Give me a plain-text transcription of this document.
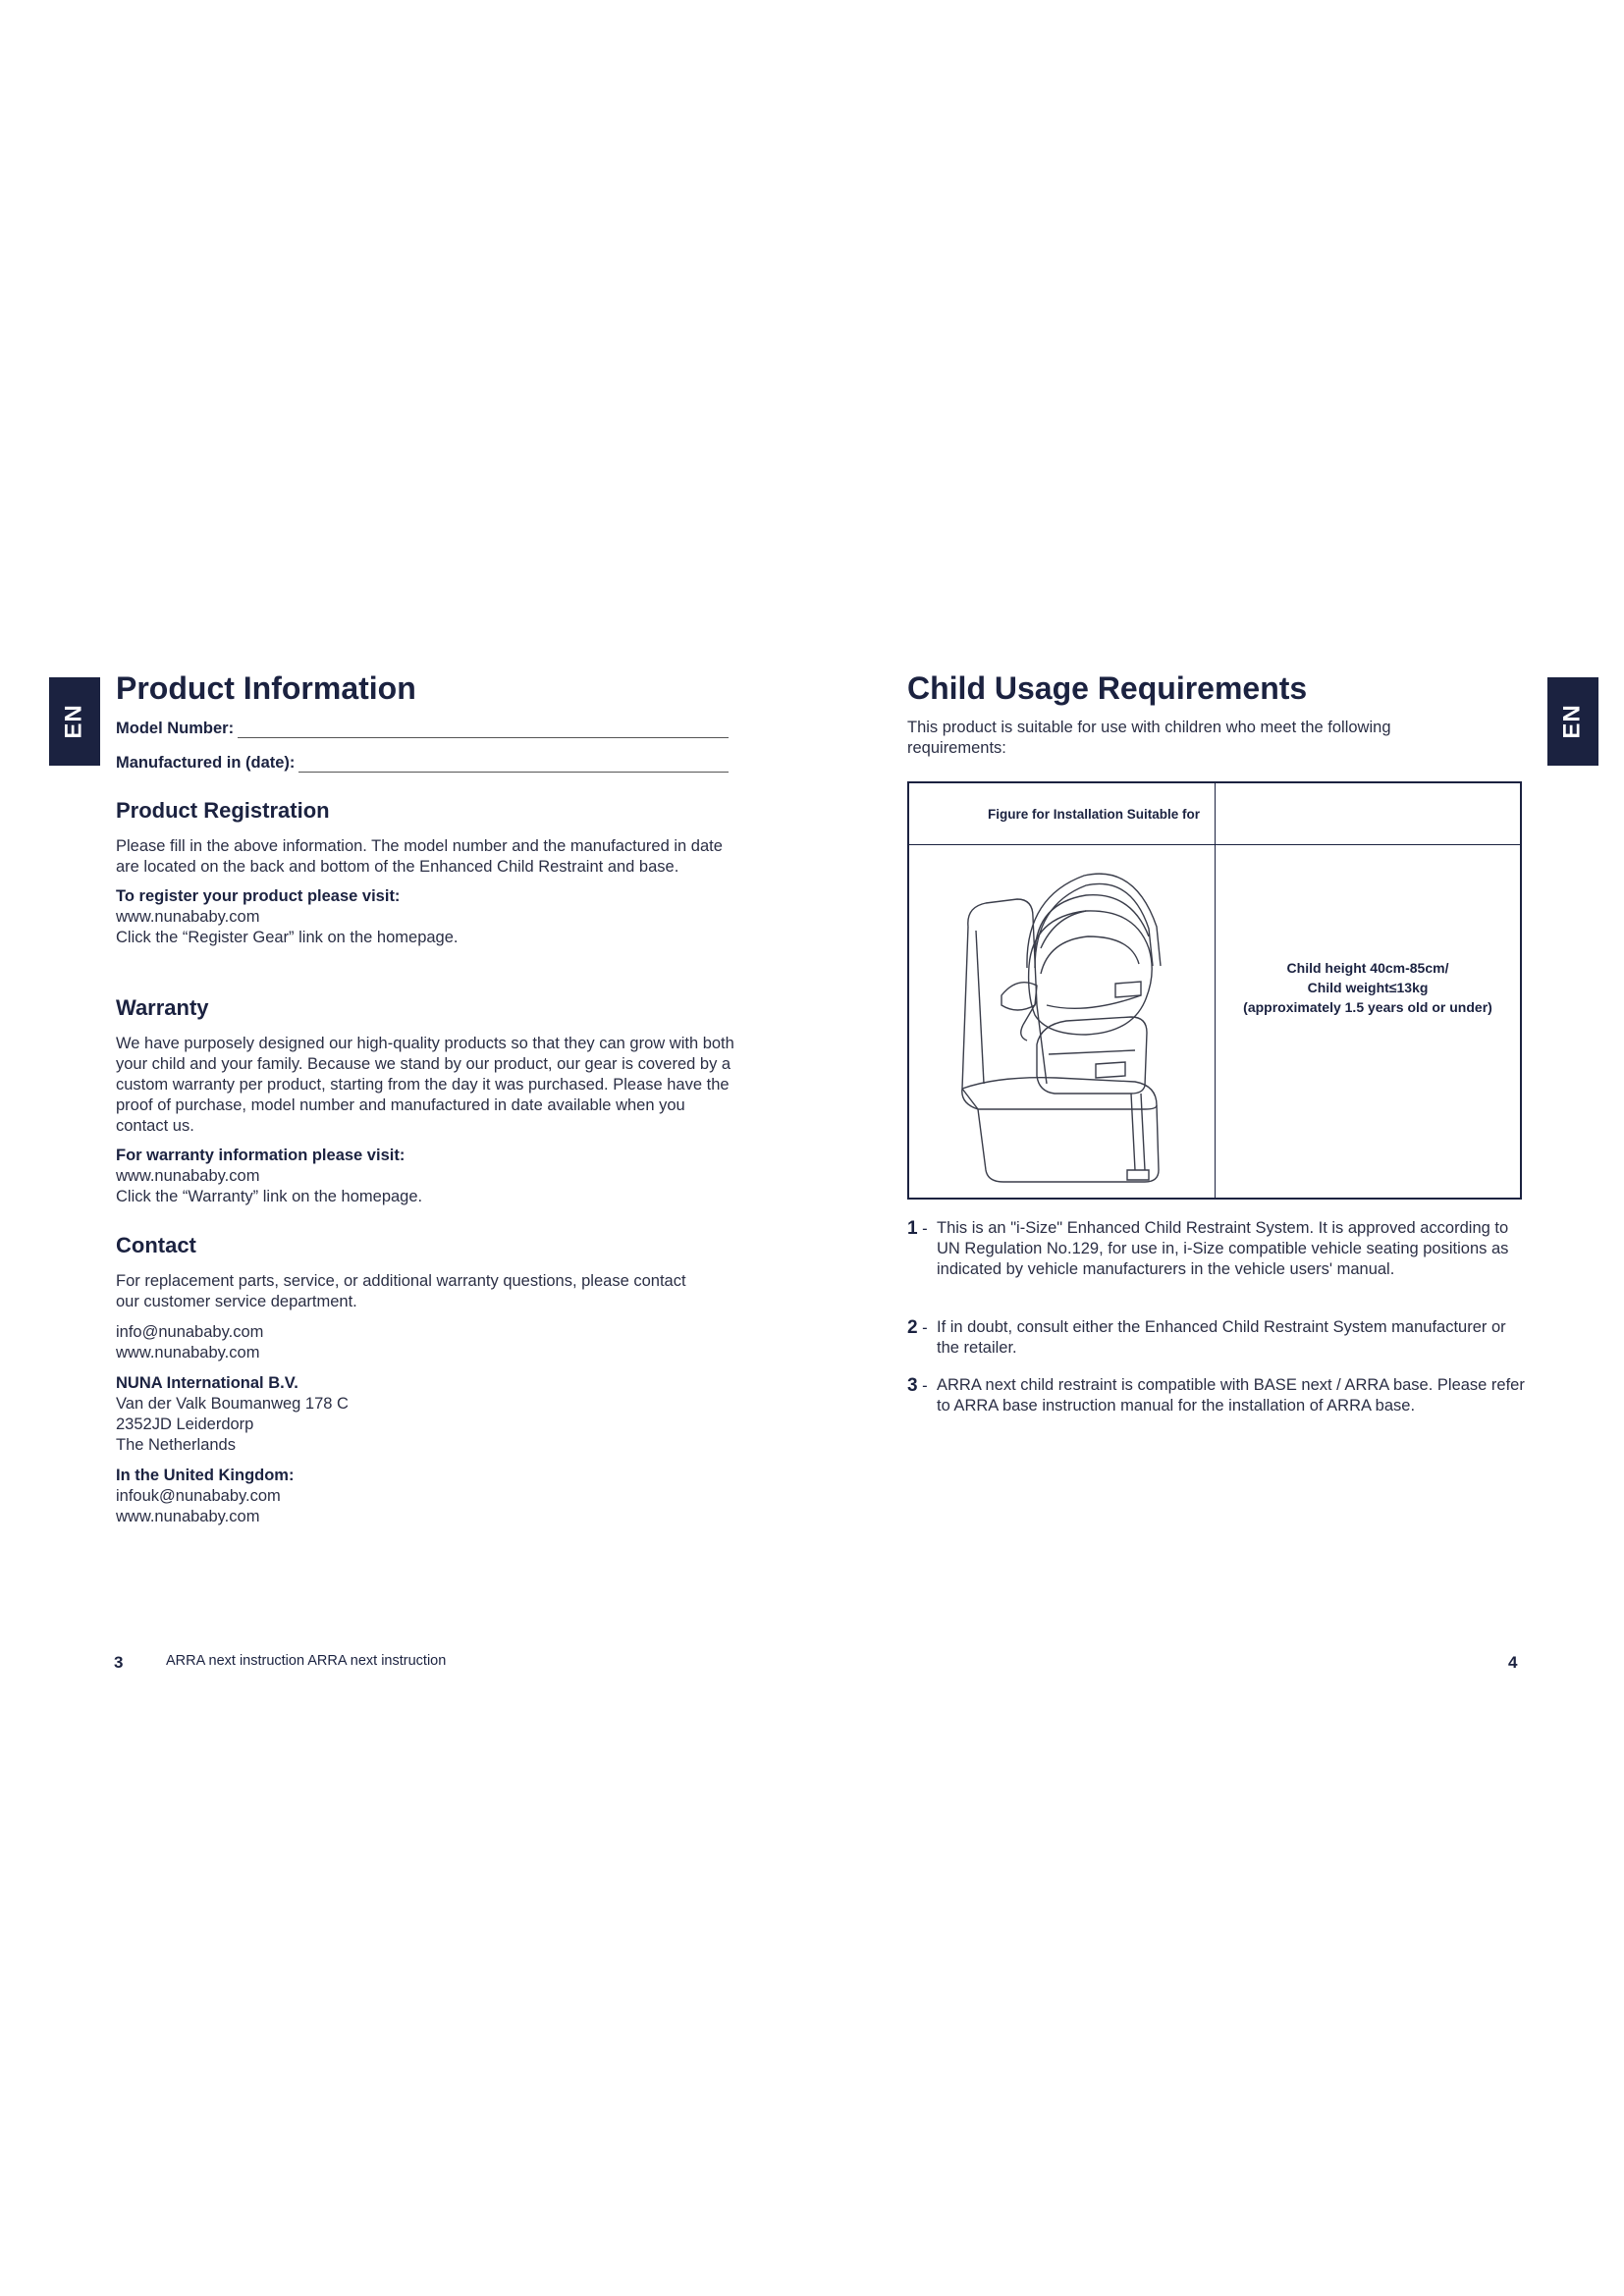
EN	EN
Product Information
Model Number:
Manufactured in (date):
Product Registration

Please fill in the above information. The model number and the manufactured in date are located on the back and bottom of the Enhanced Child Restraint and base.

To register your product please visit:

www.nunababy.com

Click the “Register Gear” link on the homepage.

Warranty

We have purposely designed our high-quality products so that they can grow with both your child and your family. Because we stand by our product, our gear is covered by a custom warranty per product, starting from the day it was purchased. Please have the proof of purchase, model number and manufactured in date available when you contact us.

For warranty information please visit:

www.nunababy.com

Click the “Warranty” link on the homepage.

Contact

For replacement parts, service, or additional warranty questions, please contact our customer service department.

info@nunababy.com

www.nunababy.com

NUNA International B.V.

Van der Valk Boumanweg 178 C

2352JD Leiderdorp

The Netherlands

In the United Kingdom:

infouk@nunababy.com

www.nunababy.com

3	ARRA next instruction ARRA next instruction
Child Usage Requirements

This product is suitable for use with children who meet the following requirements:

Figure for Installation Suitable for
Child height 40cm-85cm/
Child weight≤13kg
(approximately 1.5 years old or under)
1 - This is an "i-Size" Enhanced Child Restraint System. It is approved according to UN Regulation No.129, for use in, i-Size compatible vehicle seating positions as indicated by vehicle manufacturers in the vehicle users' manual.
2 - If in doubt, consult either the Enhanced Child Restraint System manufacturer or the retailer.
3 - ARRA next child restraint is compatible with BASE next / ARRA base. Please refer to ARRA base instruction manual for the installation of ARRA base.
4
